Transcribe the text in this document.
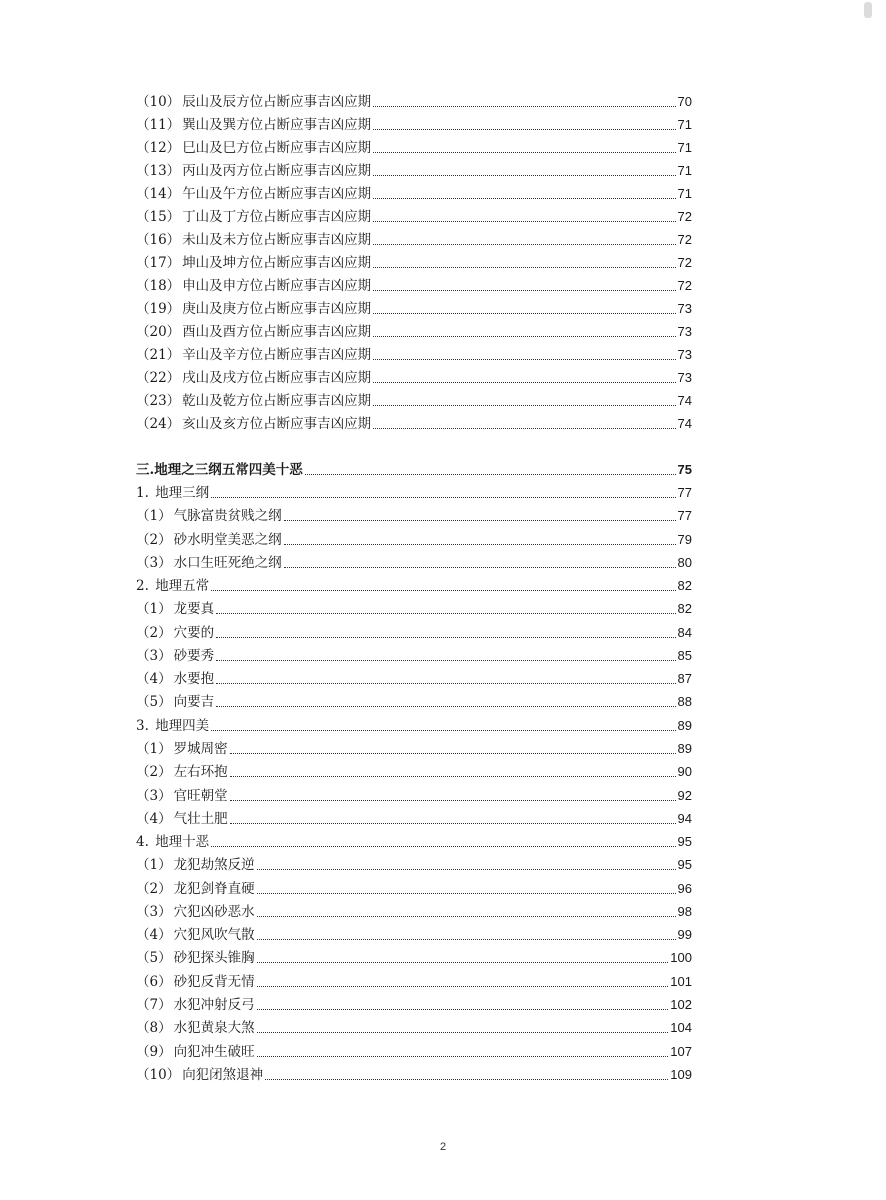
（10） 辰山及辰方位占断应事吉凶应期	70
（11） 巽山及巽方位占断应事吉凶应期	71
（12） 巳山及巳方位占断应事吉凶应期	71
（13） 丙山及丙方位占断应事吉凶应期	71
（14） 午山及午方位占断应事吉凶应期	71
（15） 丁山及丁方位占断应事吉凶应期	72
（16） 未山及未方位占断应事吉凶应期	72
（17） 坤山及坤方位占断应事吉凶应期	72
（18） 申山及申方位占断应事吉凶应期	72
（19） 庚山及庚方位占断应事吉凶应期	73
（20） 酉山及酉方位占断应事吉凶应期	73
（21） 辛山及辛方位占断应事吉凶应期	73
（22） 戌山及戌方位占断应事吉凶应期	73
（23） 乾山及乾方位占断应事吉凶应期	74
（24） 亥山及亥方位占断应事吉凶应期	74
三.地理之三纲五常四美十恶	75
1. 地理三纲	77
（1） 气脉富贵贫贱之纲	77
（2） 砂水明堂美恶之纲	79
（3） 水口生旺死绝之纲	80
2. 地理五常	82
（1） 龙要真	82
（2） 穴要的	84
（3） 砂要秀	85
（4） 水要抱	87
（5） 向要吉	88
3. 地理四美	89
（1） 罗城周密	89
（2） 左右环抱	90
（3） 官旺朝堂	92
（4） 气壮土肥	94
4. 地理十恶	95
（1） 龙犯劫煞反逆	95
（2） 龙犯剑脊直硬	96
（3） 穴犯凶砂恶水	98
（4） 穴犯风吹气散	99
（5） 砂犯探头锥胸	100
（6） 砂犯反背无情	101
（7） 水犯冲射反弓	102
（8） 水犯黄泉大煞	104
（9） 向犯冲生破旺	107
（10） 向犯闭煞退神	109
2
